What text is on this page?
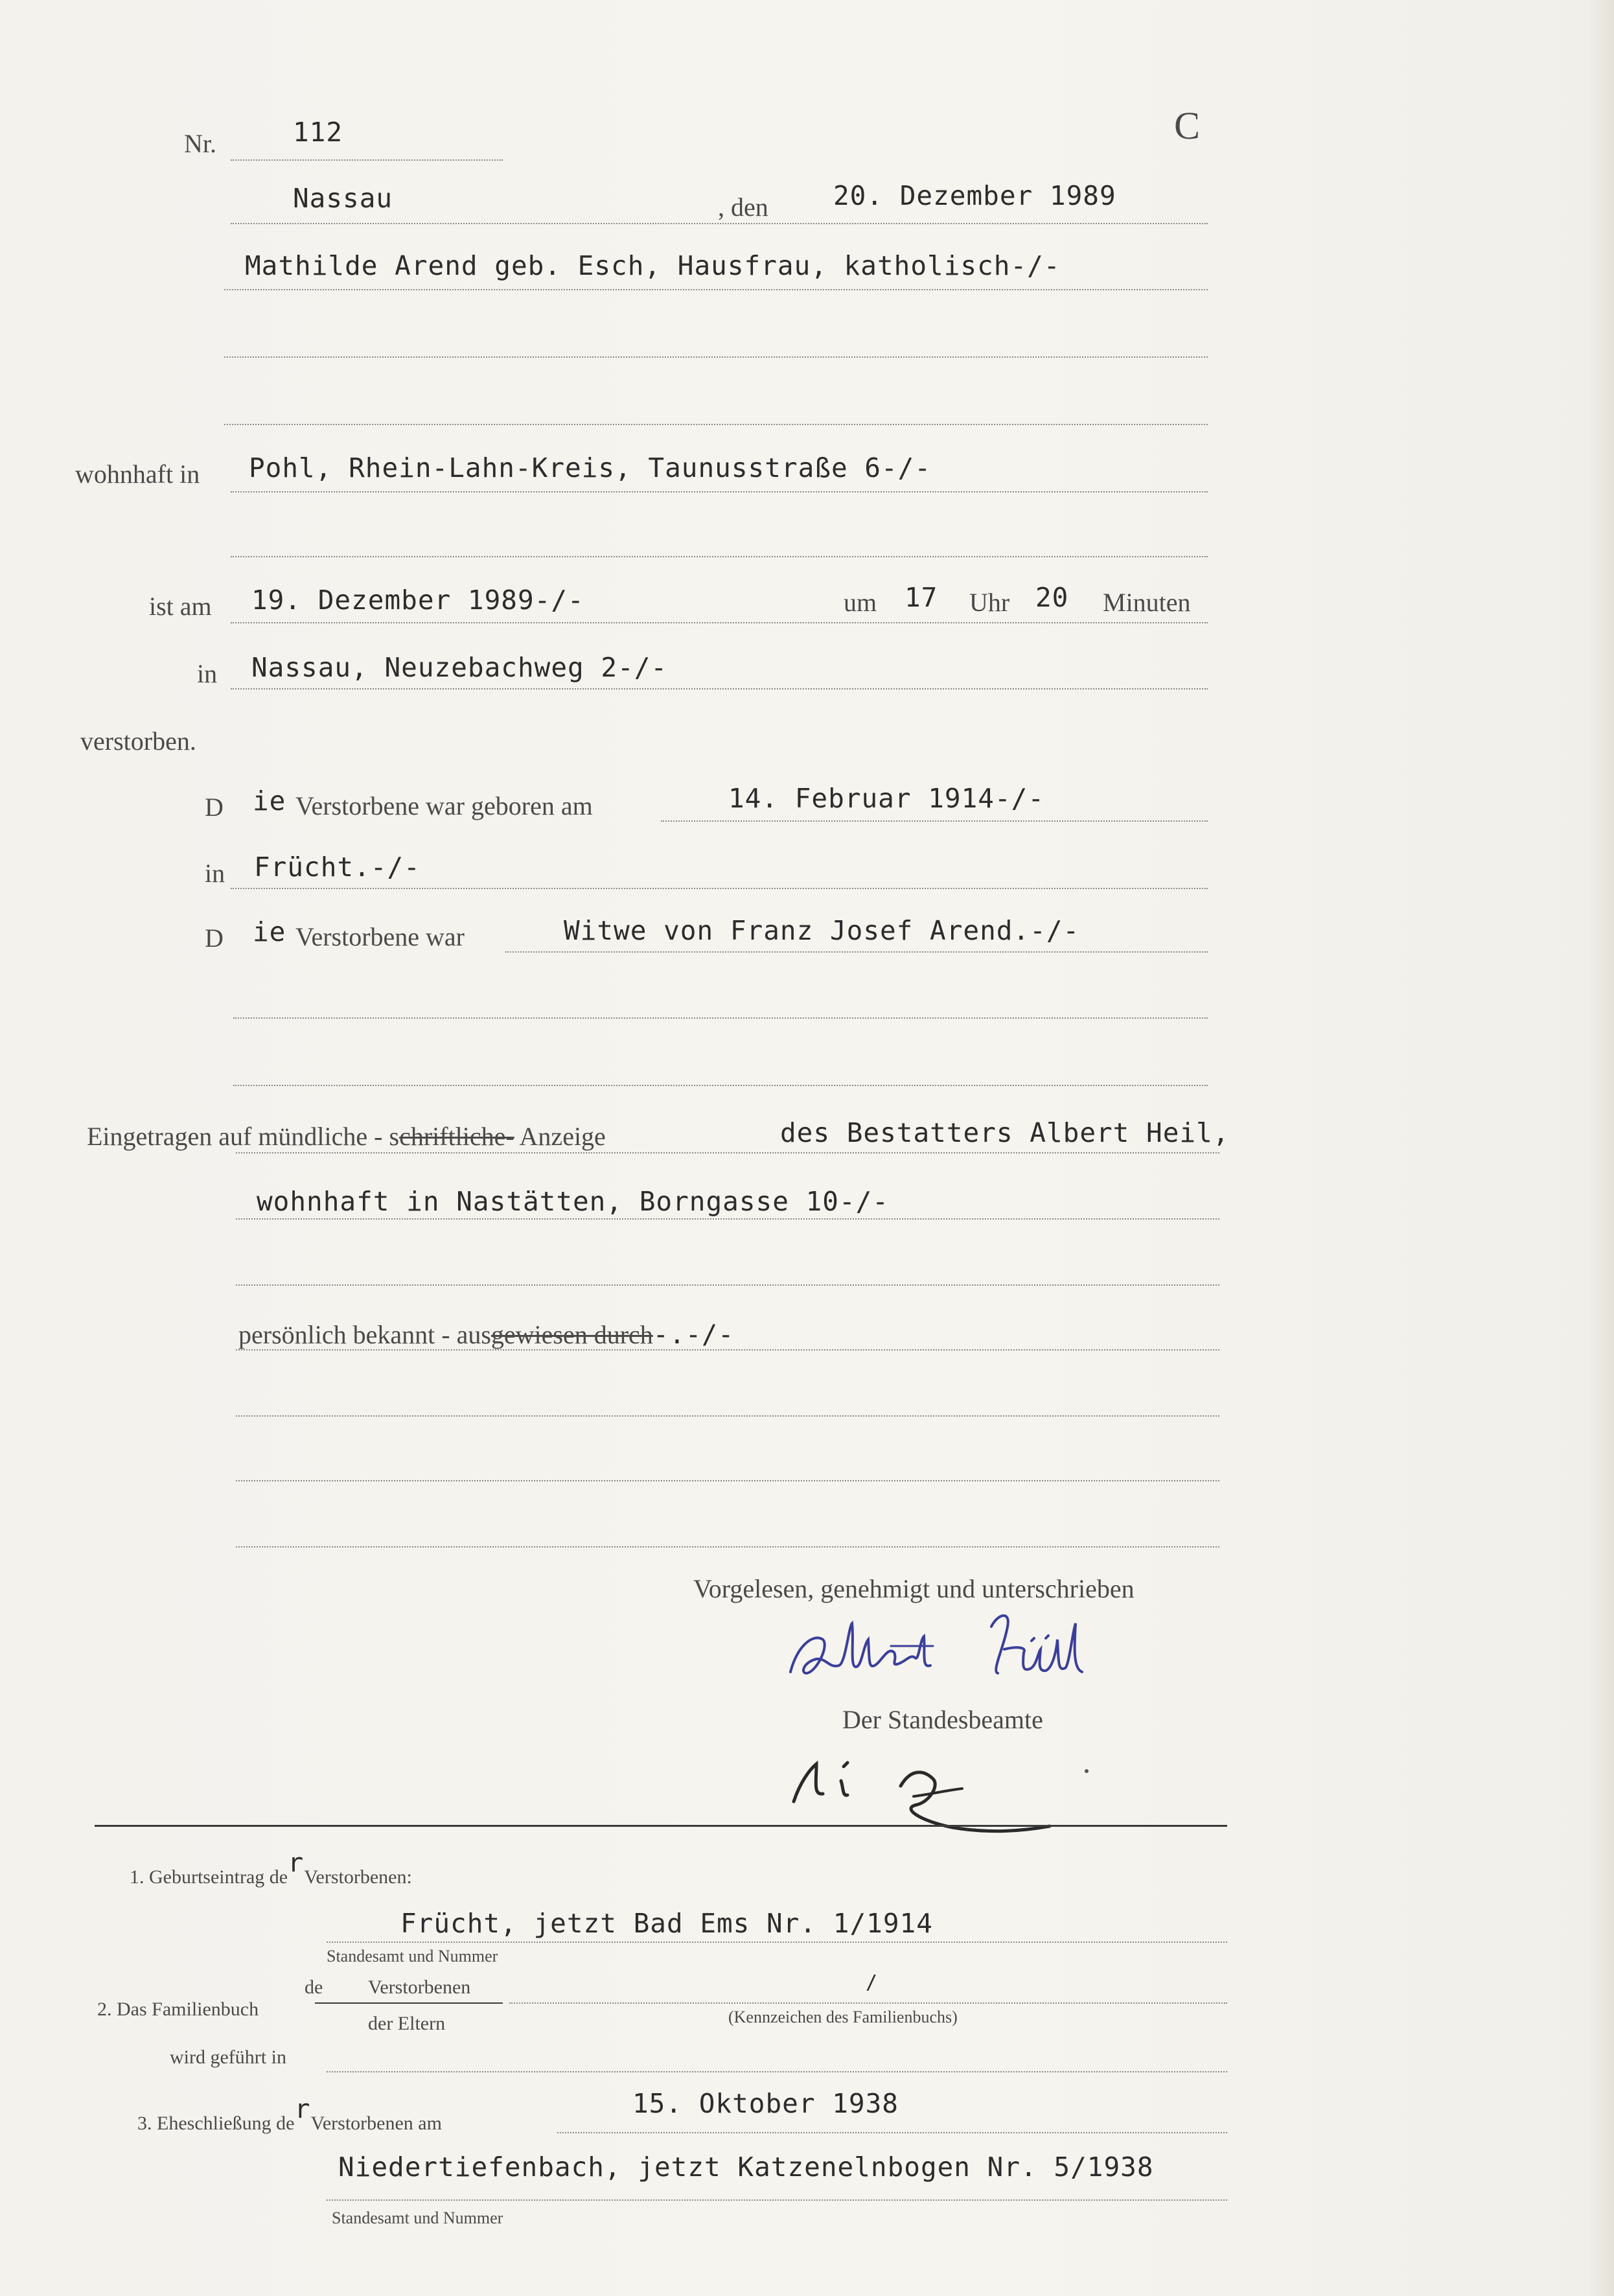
Nr.	112	C
Nassau	, den 20. Dezember 1989
Mathilde Arend geb. Esch, Hausfrau, katholisch-/-
wohnhaft in Pohl, Rhein-Lahn-Kreis, Taunusstraße 6-/-
ist am 19. Dezember 1989-/-	um 17 Uhr 20 Minuten
in Nassau, Neuzebachweg 2-/-
verstorben.
D ie Verstorbene war geboren am	14. Februar 1914-/-
in Frücht.-/-
D ie Verstorbene war	Witwe von Franz Josef Arend.-/-
Eingetragen auf mündliche - schriftliche- Anzeige	des Bestatters Albert Heil,
wohnhaft in Nastätten, Borngasse 10-/-
persönlich bekannt - ausgewiesen durch-.-/-
Vorgelesen, genehmigt und unterschrieben
Der Standesbeamte
1. Geburtseintrag derVerstorbenen:
Frücht, jetzt Bad Ems Nr. 1/1914
Standesamt und Nummer
2. Das Familienbuch
de Verstorbenen
der Eltern
/
(Kennzeichen des Familienbuchs)
wird geführt in
3. Eheschließung derVerstorbenen am
15. Oktober 1938
Niedertiefenbach, jetzt Katzenelnbogen Nr. 5/1938
Standesamt und Nummer
